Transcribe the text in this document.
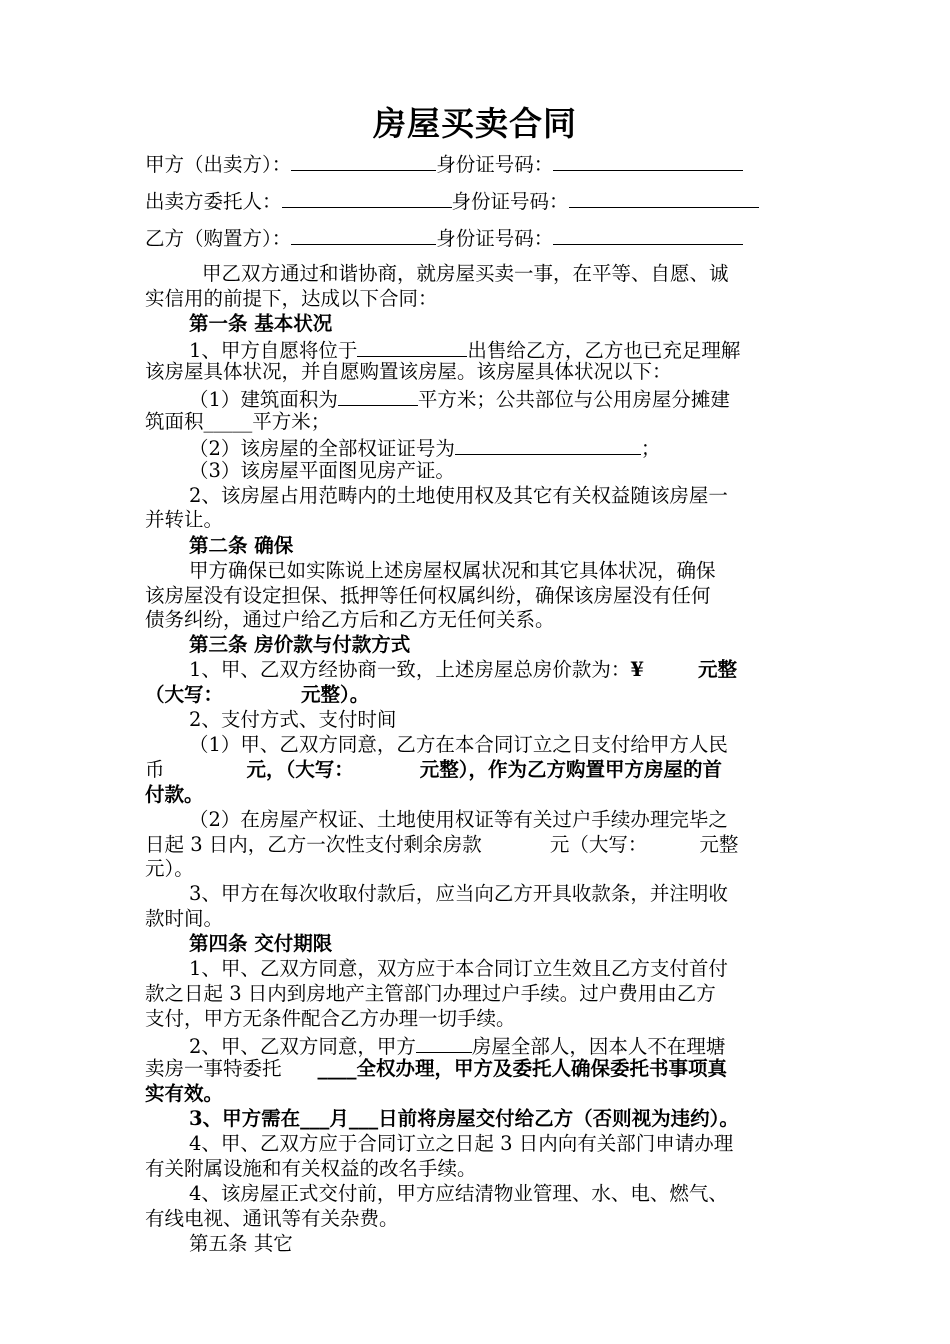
房屋买卖合同
甲方（出卖方）：	身份证号码：
出卖方委托人：	身份证号码：
乙方（购置方）：	身份证号码：
甲乙双方通过和谐协商，就房屋买卖一事，在平等、自愿、诚
实信用的前提下，达成以下合同：
第一条 基本状况
1、甲方自愿将位于	出售给乙方，乙方也已充足理解
该房屋具体状况，并自愿购置该房屋。该房屋具体状况以下：
（1）建筑面积为	平方米；公共部位与公用房屋分摊建
筑面积_____平方米；
（2）该房屋的全部权证证号为	；
（3）该房屋平面图见房产证。
2、该房屋占用范畴内的土地使用权及其它有关权益随该房屋一
并转让。
第二条 确保
甲方确保已如实陈说上述房屋权属状况和其它具体状况，确保
该房屋没有设定担保、抵押等任何权属纠纷，确保该房屋没有任何
债务纠纷，通过户给乙方后和乙方无任何关系。
第三条 房价款与付款方式
1、甲、乙双方经协商一致，上述房屋总房价款为：¥	元整
（大写：	元整）。
2、支付方式、支付时间
（1）甲、乙双方同意，乙方在本合同订立之日支付给甲方人民
币	元，（大写：	元整），作为乙方购置甲方房屋的首
付款。
（2）在房屋产权证、土地使用权证等有关过户手续办理完毕之
日起 3 日内，乙方一次性支付剩余房款	元（大写：	元整
元）。
3、甲方在每次收取付款后，应当向乙方开具收款条，并注明收
款时间。
第四条 交付期限
1、甲、乙双方同意，双方应于本合同订立生效且乙方支付首付
款之日起 3 日内到房地产主管部门办理过户手续。过户费用由乙方
支付，甲方无条件配合乙方办理一切手续。
2、甲、乙双方同意，甲方	房屋全部人，因本人不在理塘
卖房一事特委托 ____全权办理，甲方及委托人确保委托书事项真
实有效。
3、甲方需在___月___日前将房屋交付给乙方（否则视为违约）。
4、甲、乙双方应于合同订立之日起 3 日内向有关部门申请办理
有关附属设施和有关权益的改名手续。
4、该房屋正式交付前，甲方应结清物业管理、水、电、燃气、
有线电视、通讯等有关杂费。
第五条 其它
